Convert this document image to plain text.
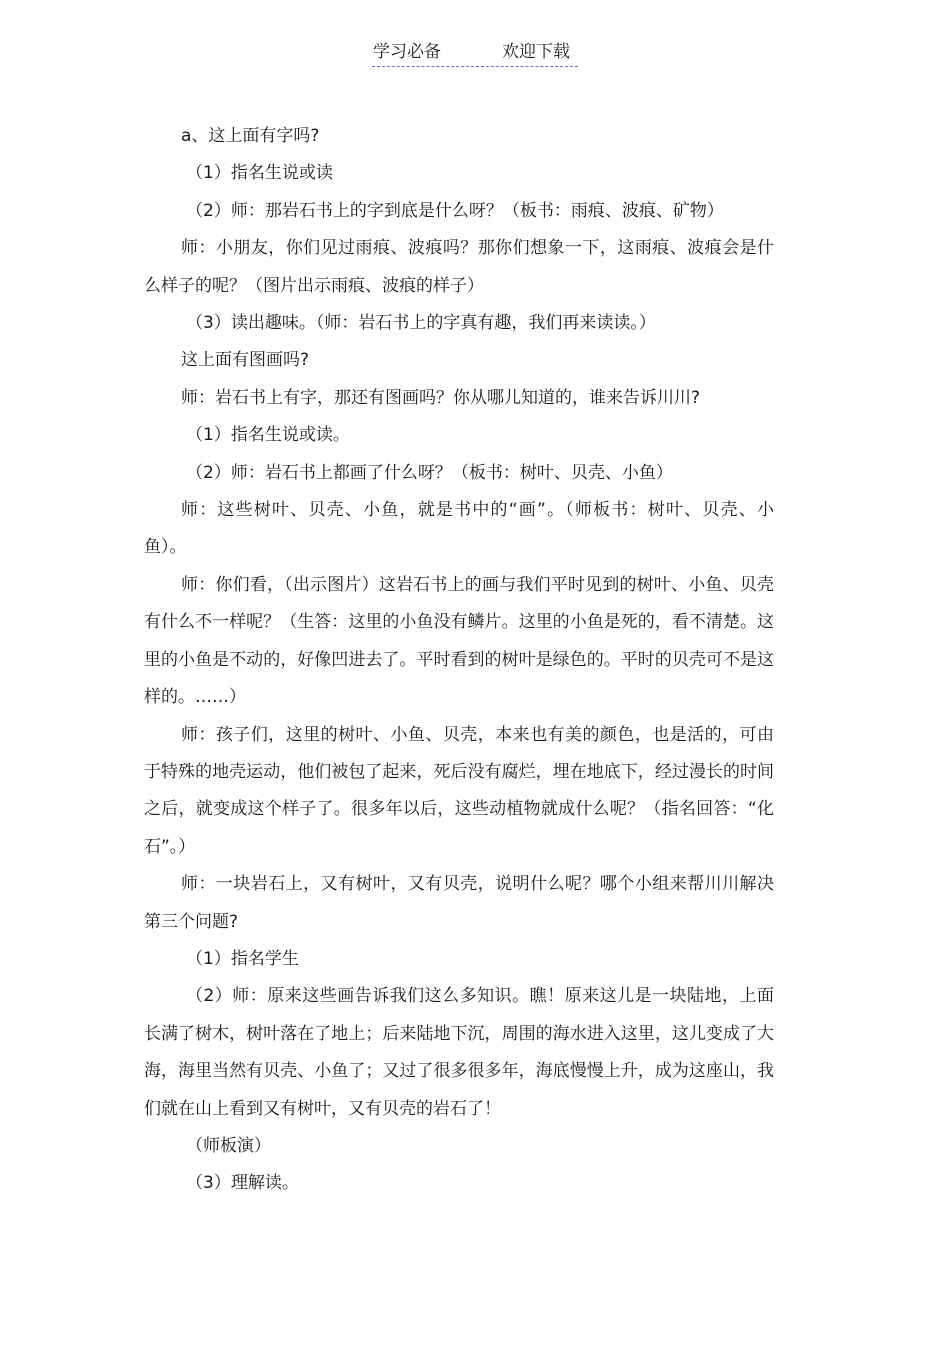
学习必备	欢迎下载

a、这上面有字吗?

（1）指名生说或读

（2）师：那岩石书上的字到底是什么呀？（板书：雨痕、波痕、矿物）

师：小朋友，你们见过雨痕、波痕吗？那你们想象一下，这雨痕、波痕会是什么样子的呢？（图片出示雨痕、波痕的样子）

（3）读出趣味。（师：岩石书上的字真有趣，我们再来读读。）

这上面有图画吗?

师：岩石书上有字，那还有图画吗？你从哪儿知道的，谁来告诉川川?

（1）指名生说或读。

（2）师：岩石书上都画了什么呀？（板书：树叶、贝壳、小鱼）

师：这些树叶、贝壳、小鱼，就是书中的“画”。（师板书：树叶、贝壳、小鱼）。

师：你们看，（出示图片）这岩石书上的画与我们平时见到的树叶、小鱼、贝壳有什么不一样呢？（生答：这里的小鱼没有鳞片。这里的小鱼是死的，看不清楚。这里的小鱼是不动的，好像凹进去了。平时看到的树叶是绿色的。平时的贝壳可不是这样的。……）

师：孩子们，这里的树叶、小鱼、贝壳，本来也有美的颜色，也是活的，可由于特殊的地壳运动，他们被包了起来，死后没有腐烂，埋在地底下，经过漫长的时间之后，就变成这个样子了。很多年以后，这些动植物就成什么呢？（指名回答：“化石”。）

师：一块岩石上，又有树叶，又有贝壳，说明什么呢？哪个小组来帮川川解决第三个问题?

（1）指名学生

（2）师：原来这些画告诉我们这么多知识。瞧！原来这儿是一块陆地，上面长满了树木，树叶落在了地上；后来陆地下沉，周围的海水进入这里，这儿变成了大海，海里当然有贝壳、小鱼了；又过了很多很多年，海底慢慢上升，成为这座山，我们就在山上看到又有树叶，又有贝壳的岩石了！

（师板演）

（3）理解读。
